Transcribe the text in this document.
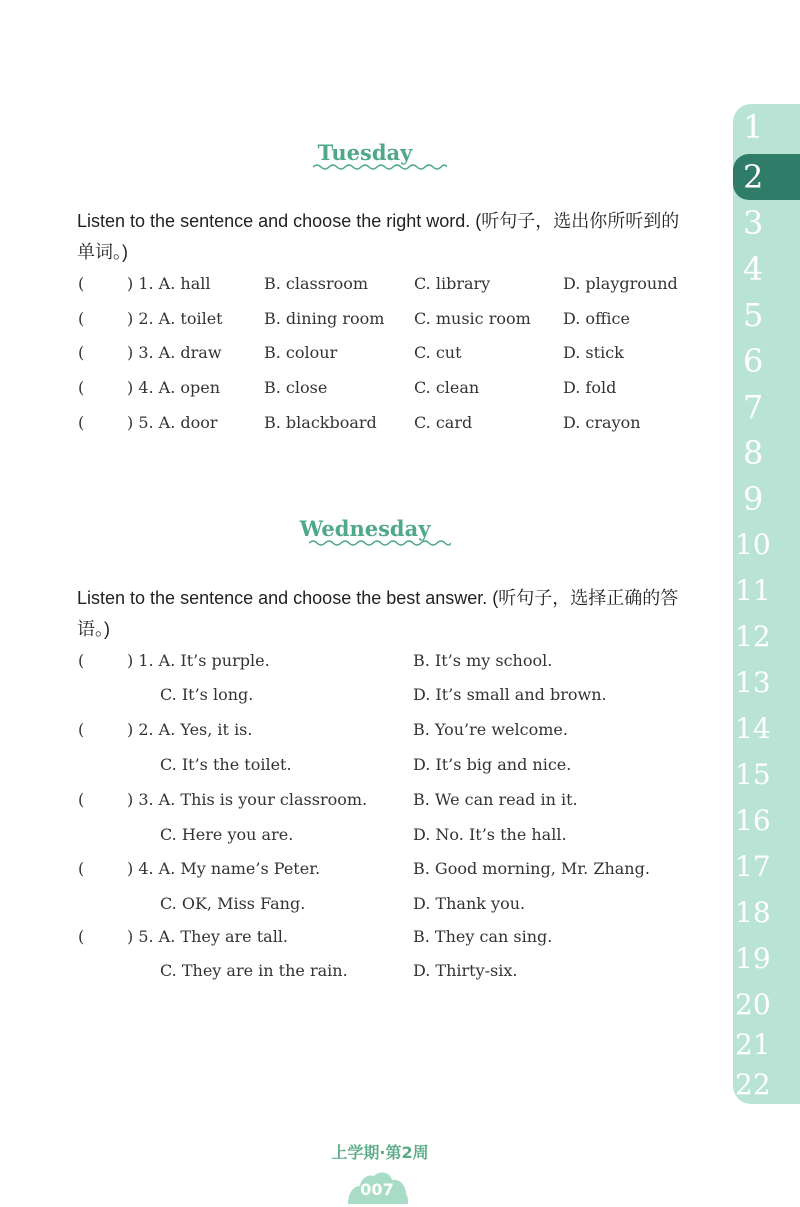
Tuesday
Listen to the sentence and choose the right word. (听句子，选出你所听到的单词。)
(	) 1. A. hall	B. classroom	C. library	D. playground
(	) 2. A. toilet	B. dining room C. music room D. office
(	) 3. A. draw	B. colour	C. cut	D. stick
(	) 4. A. open	B. close	C. clean	D. fold
(	) 5. A. door	B. blackboard C. card	D. crayon
Wednesday
Listen to the sentence and choose the best answer. (听句子，选择正确的答语。)
(	) 1. A. It’s purple.	B. It’s my school.
C. It’s long.	D. It’s small and brown.
(	) 2. A. Yes, it is.	B. You’re welcome.
C. It’s the toilet.	D. It’s big and nice.
(	) 3. A. This is your classroom.	B. We can read in it.
C. Here you are.	D. No. It’s the hall.
(	) 4. A. My name’s Peter.	B. Good morning, Mr. Zhang.
C. OK, Miss Fang.	D. Thank you.
(	) 5. A. They are tall.	B. They can sing.
C. They are in the rain.	D. Thirty-six.
1
2
3
4
5
6
7
8
9
10
11
12
13
14
15
16
17
18
19
20
21
22
上学期·第2周
007
